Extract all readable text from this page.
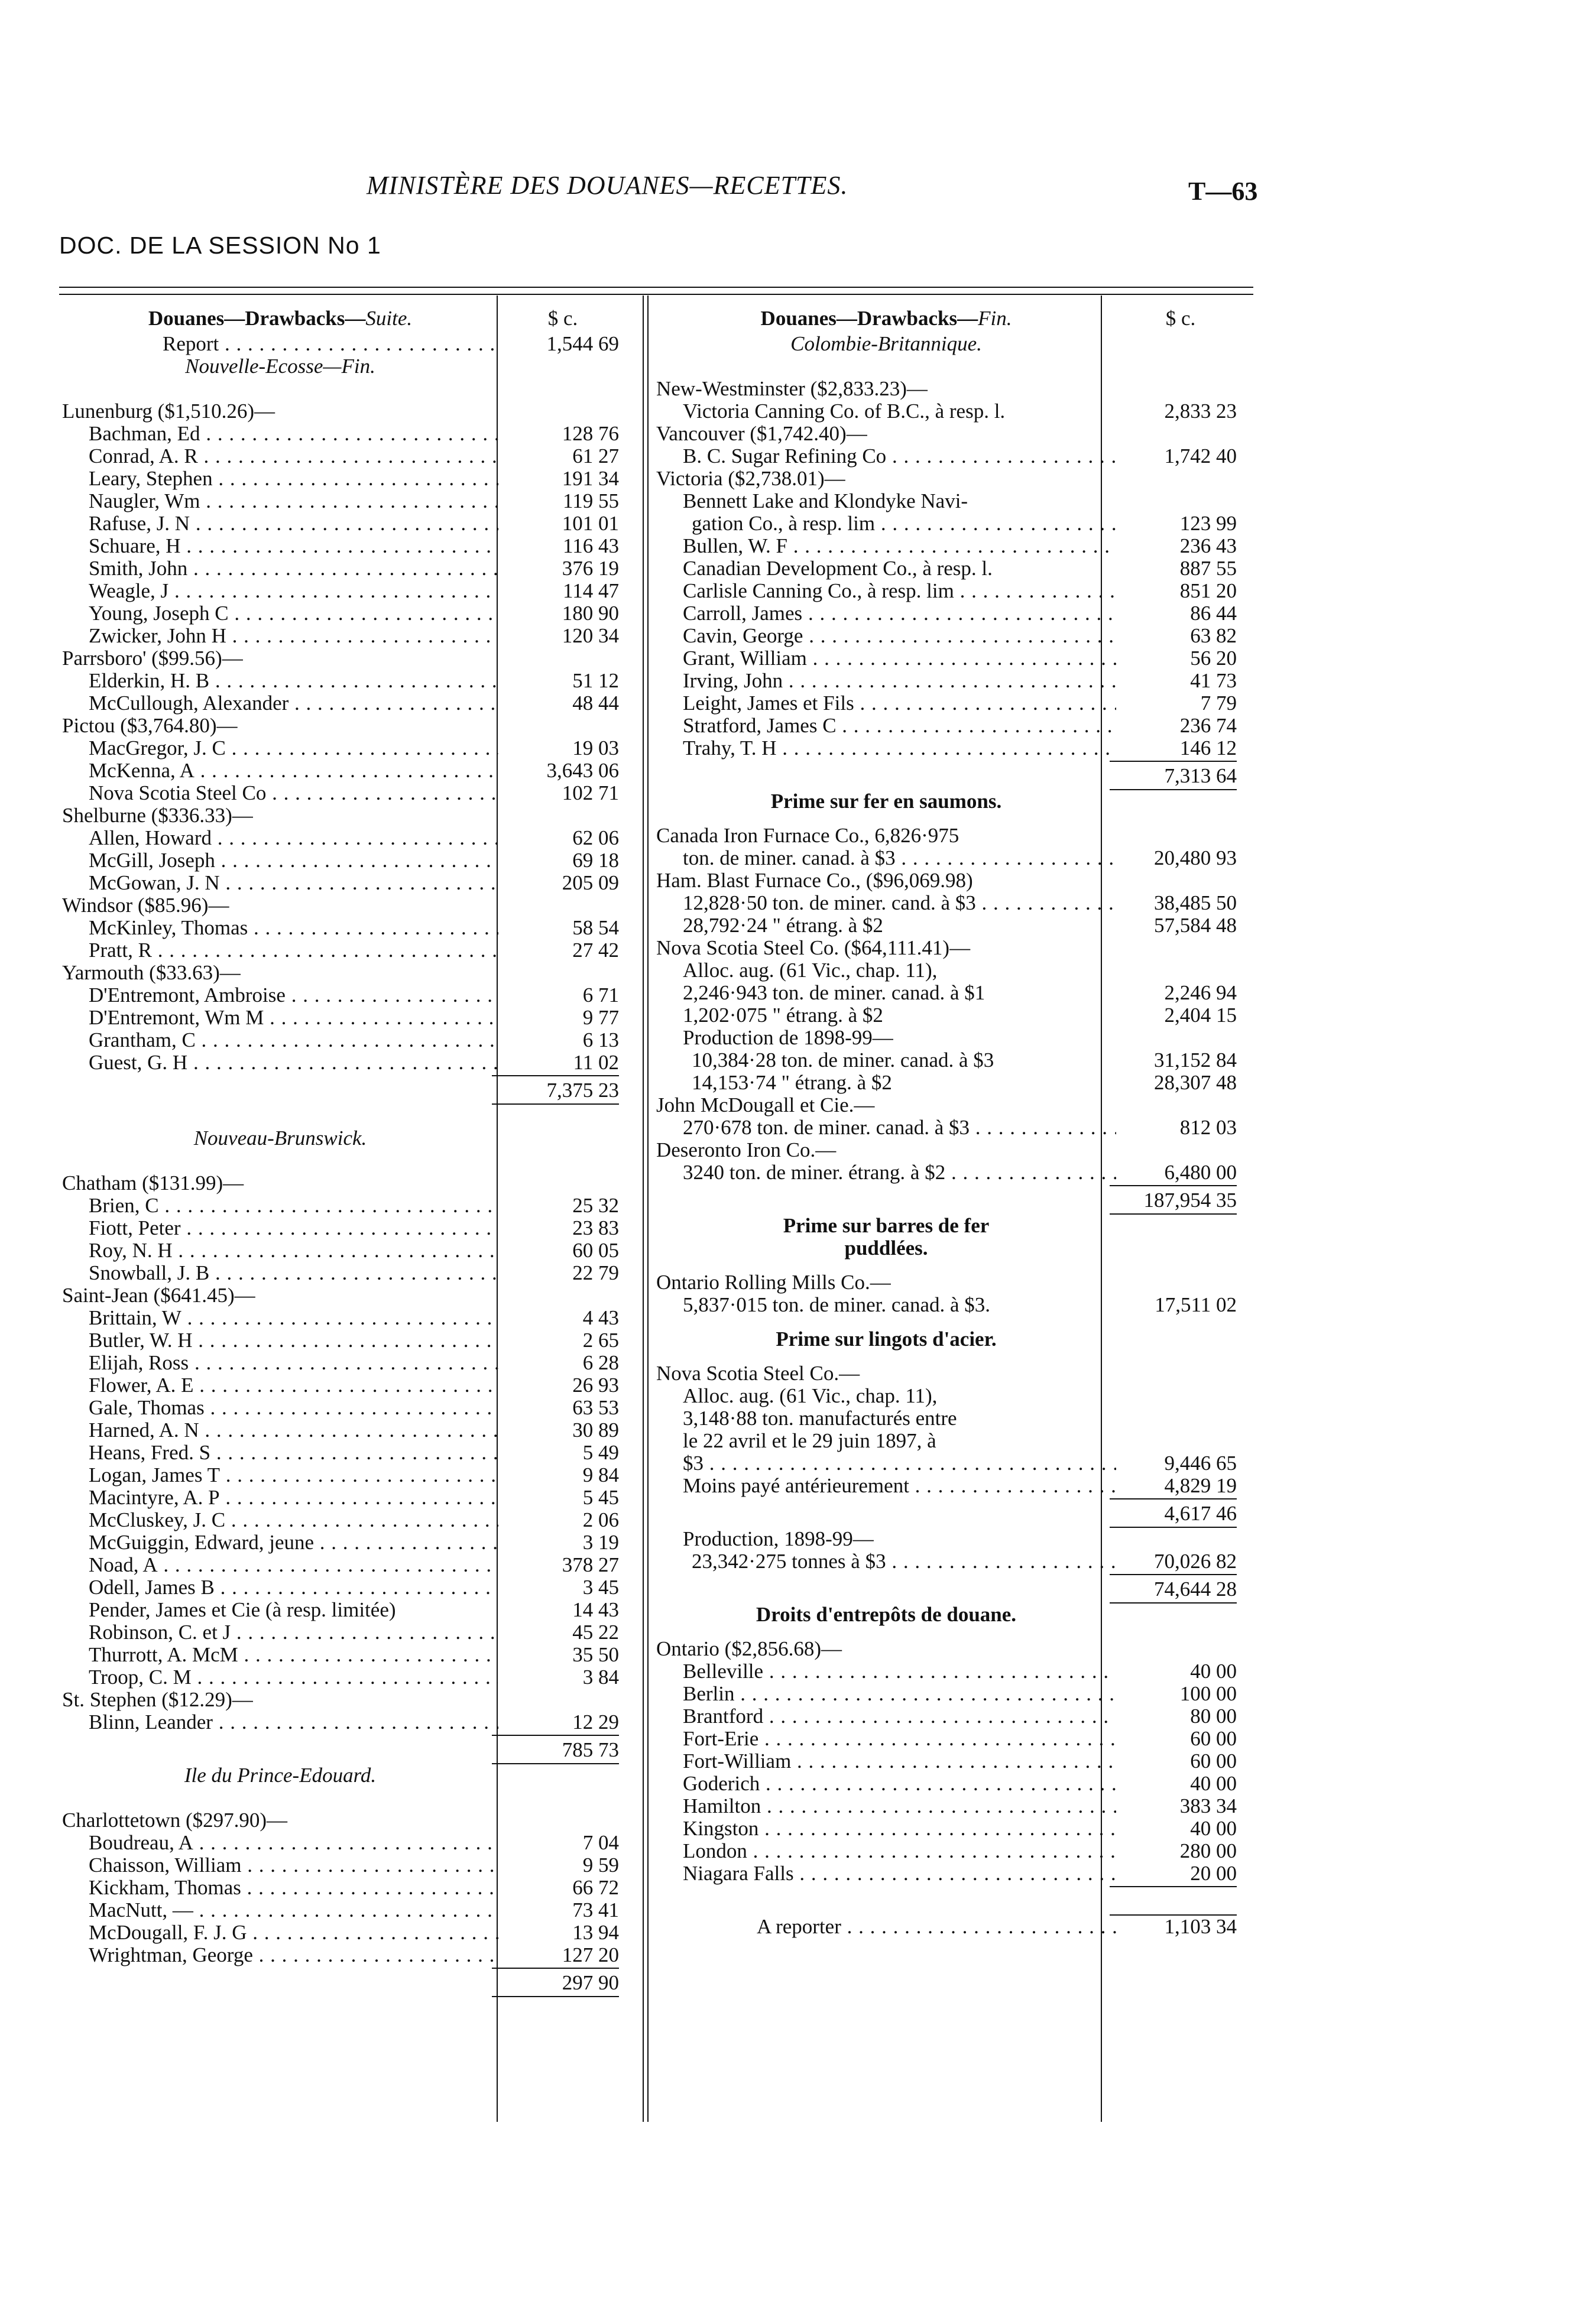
MINISTÈRE DES DOUANES—RECETTES.	T—63
DOC. DE LA SESSION No 1
Douanes—Drawbacks—Suite.	$ c.
Report . . .	1,544 69
Nouvelle-Ecosse—Fin.
Lunenburg ($1,510.26)—
Bachman, Ed . . .	128 76
Conrad, A. R . . .	61 27
Leary, Stephen . . .	191 34
Naugler, Wm . . .	119 55
Rafuse, J. N . . .	101 01
Schuare, H . . .	116 43
Smith, John . . .	376 19
Weagle, J . . .	114 47
Young, Joseph C . . .	180 90
Zwicker, John H . . .	120 34
Parrsboro' ($99.56)—
Elderkin, H. B . . .	51 12
McCullough, Alexander . . .	48 44
Pictou ($3,764.80)—
MacGregor, J. C . . .	19 03
McKenna, A . . .	3,643 06
Nova Scotia Steel Co . . .	102 71
Shelburne ($336.33)—
Allen, Howard . . .	62 06
McGill, Joseph . . .	69 18
McGowan, J. N . . .	205 09
Windsor ($85.96)—
McKinley, Thomas . . .	58 54
Pratt, R . . .	27 42
Yarmouth ($33.63)—
D'Entremont, Ambroise . . .	6 71
D'Entremont, Wm M . . .	9 77
Grantham, C . . .	6 13
Guest, G. H . . .	11 02
7,375 23
Nouveau-Brunswick.
Chatham ($131.99)—
Brien, C . . .	25 32
Fiott, Peter . . .	23 83
Roy, N. H . . .	60 05
Snowball, J. B . . .	22 79
Saint-Jean ($641.45)—
Brittain, W . . .	4 43
Butler, W. H . . .	2 65
Elijah, Ross . . .	6 28
Flower, A. E . . .	26 93
Gale, Thomas . . .	63 53
Harned, A. N . . .	30 89
Heans, Fred. S . . .	5 49
Logan, James T . . .	9 84
Macintyre, A. P . . .	5 45
McCluskey, J. C . . .	2 06
McGuiggin, Edward, jeune . . .	3 19
Noad, A . . .	378 27
Odell, James B . . .	3 45
Pender, James et Cie (à resp. limitée)	14 43
Robinson, C. et J . . .	45 22
Thurrott, A. McM . . .	35 50
Troop, C. M . . .	3 84
St. Stephen ($12.29)—
Blinn, Leander . . .	12 29
785 73
Ile du Prince-Edouard.
Charlottetown ($297.90)—
Boudreau, A . . .	7 04
Chaisson, William . . .	9 59
Kickham, Thomas . . .	66 72
MacNutt, — . . .	73 41
McDougall, F. J. G . . .	13 94
Wrightman, George . . .	127 20
297 90
Douanes—Drawbacks—Fin.	$ c.
Colombie-Britannique.
New-Westminster ($2,833.23)—
Victoria Canning Co. of B.C., à resp. l.	2,833 23
Vancouver ($1,742.40)—
B. C. Sugar Refining Co . . .	1,742 40
Victoria ($2,738.01)—
Bennett Lake and Klondyke Navi-
gation Co., à resp. lim . . .	123 99
Bullen, W. F . . .	236 43
Canadian Development Co., à resp. l.	887 55
Carlisle Canning Co., à resp. lim . . .	851 20
Carroll, James . . .	86 44
Cavin, George . . .	63 82
Grant, William . . .	56 20
Irving, John . . .	41 73
Leight, James et Fils . . .	7 79
Stratford, James C . . .	236 74
Trahy, T. H . . .	146 12
7,313 64
Prime sur fer en saumons.
Canada Iron Furnace Co., 6,826·975
ton. de miner. canad. à $3 . . .	20,480 93
Ham. Blast Furnace Co., ($96,069.98)
12,828·50 ton. de miner. cand. à $3 . . .	38,485 50
28,792·24 " étrang. à $2	57,584 48
Nova Scotia Steel Co. ($64,111.41)—
Alloc. aug. (61 Vic., chap. 11),
2,246·943 ton. de miner. canad. à $1	2,246 94
1,202·075 " étrang. à $2	2,404 15
Production de 1898-99—
10,384·28 ton. de miner. canad. à $3	31,152 84
14,153·74 " étrang. à $2	28,307 48
John McDougall et Cie.—
270·678 ton. de miner. canad. à $3 . . .	812 03
Deseronto Iron Co.—
3240 ton. de miner. étrang. à $2 . . .	6,480 00
187,954 35
Prime sur barres de fer
puddlées.
Ontario Rolling Mills Co.—
5,837·015 ton. de miner. canad. à $3.	17,511 02
Prime sur lingots d'acier.
Nova Scotia Steel Co.—
Alloc. aug. (61 Vic., chap. 11),
3,148·88 ton. manufacturés entre
le 22 avril et le 29 juin 1897, à
$3 . . .	9,446 65
Moins payé antérieurement . . .	4,829 19
4,617 46
Production, 1898-99—
23,342·275 tonnes à $3 . . .	70,026 82
74,644 28
Droits d'entrepôts de douane.
Ontario ($2,856.68)—
Belleville . . .	40 00
Berlin . . .	100 00
Brantford . . .	80 00
Fort-Erie . . .	60 00
Fort-William . . .	60 00
Goderich . . .	40 00
Hamilton . . .	383 34
Kingston . . .	40 00
London . . .	280 00
Niagara Falls . . .	20 00
A reporter . . .	1,103 34
